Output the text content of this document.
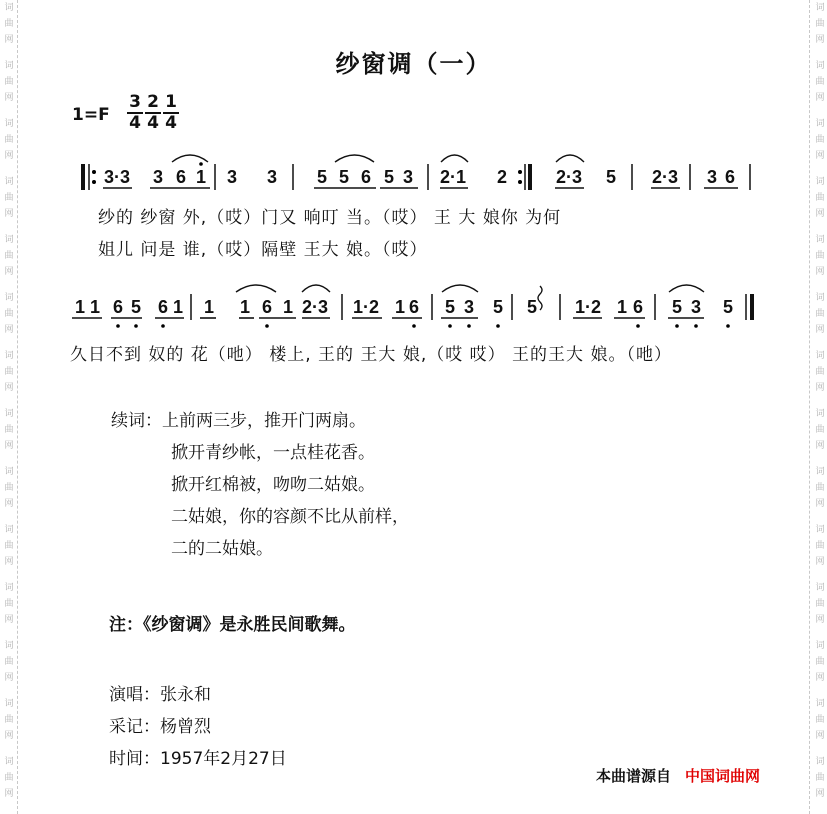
词
曲
网
词
曲
网
词
曲
网
词
曲
网
词
曲
网
词
曲
网
词
曲
网
词
曲
网
词
曲
网
词
曲
网
词
曲
网
词
曲
网
词
曲
网
词
曲
网
词
曲
网
词
曲
网
词
曲
网
词
曲
网
词
曲
网
词
曲
网
词
曲
网
词
曲
网
词
曲
网
词
曲
网
词
曲
网
词
曲
网
词
曲
网
词
曲
网
纱窗调（一）
$1=F \frac{3}{4} \frac{2}{4} \frac{1}{4}$
3·3 3 6 1 3 3 5 5 6 5 3 2·1 2	2·3 5 2·3 3 6
纱的 纱窗 外,（哎）门又 响叮 当。（哎） 王 大 娘你 为何
姐儿 问是 谁,（哎）隔壁 王大 娘。（哎）
1 1 6 5 6 1 1 1 6 1 2·3 1·2 1 6 5 3 5 5 1·2 1 6 5 3 5
久日不到 奴的 花（吔） 楼上, 王的 王大 娘,（哎 哎） 王的王大 娘。（吔）
续词：上前两三步，推开门两扇。
掀开青纱帐，一点桂花香。
掀开红棉被，吻吻二姑娘。
二姑娘，你的容颜不比从前样，
二的二姑娘。
注：《纱窗调》是永胜民间歌舞。
演唱：张永和
采记：杨曾烈
时间：1957年2月27日
本曲谱源自 中国词曲网
